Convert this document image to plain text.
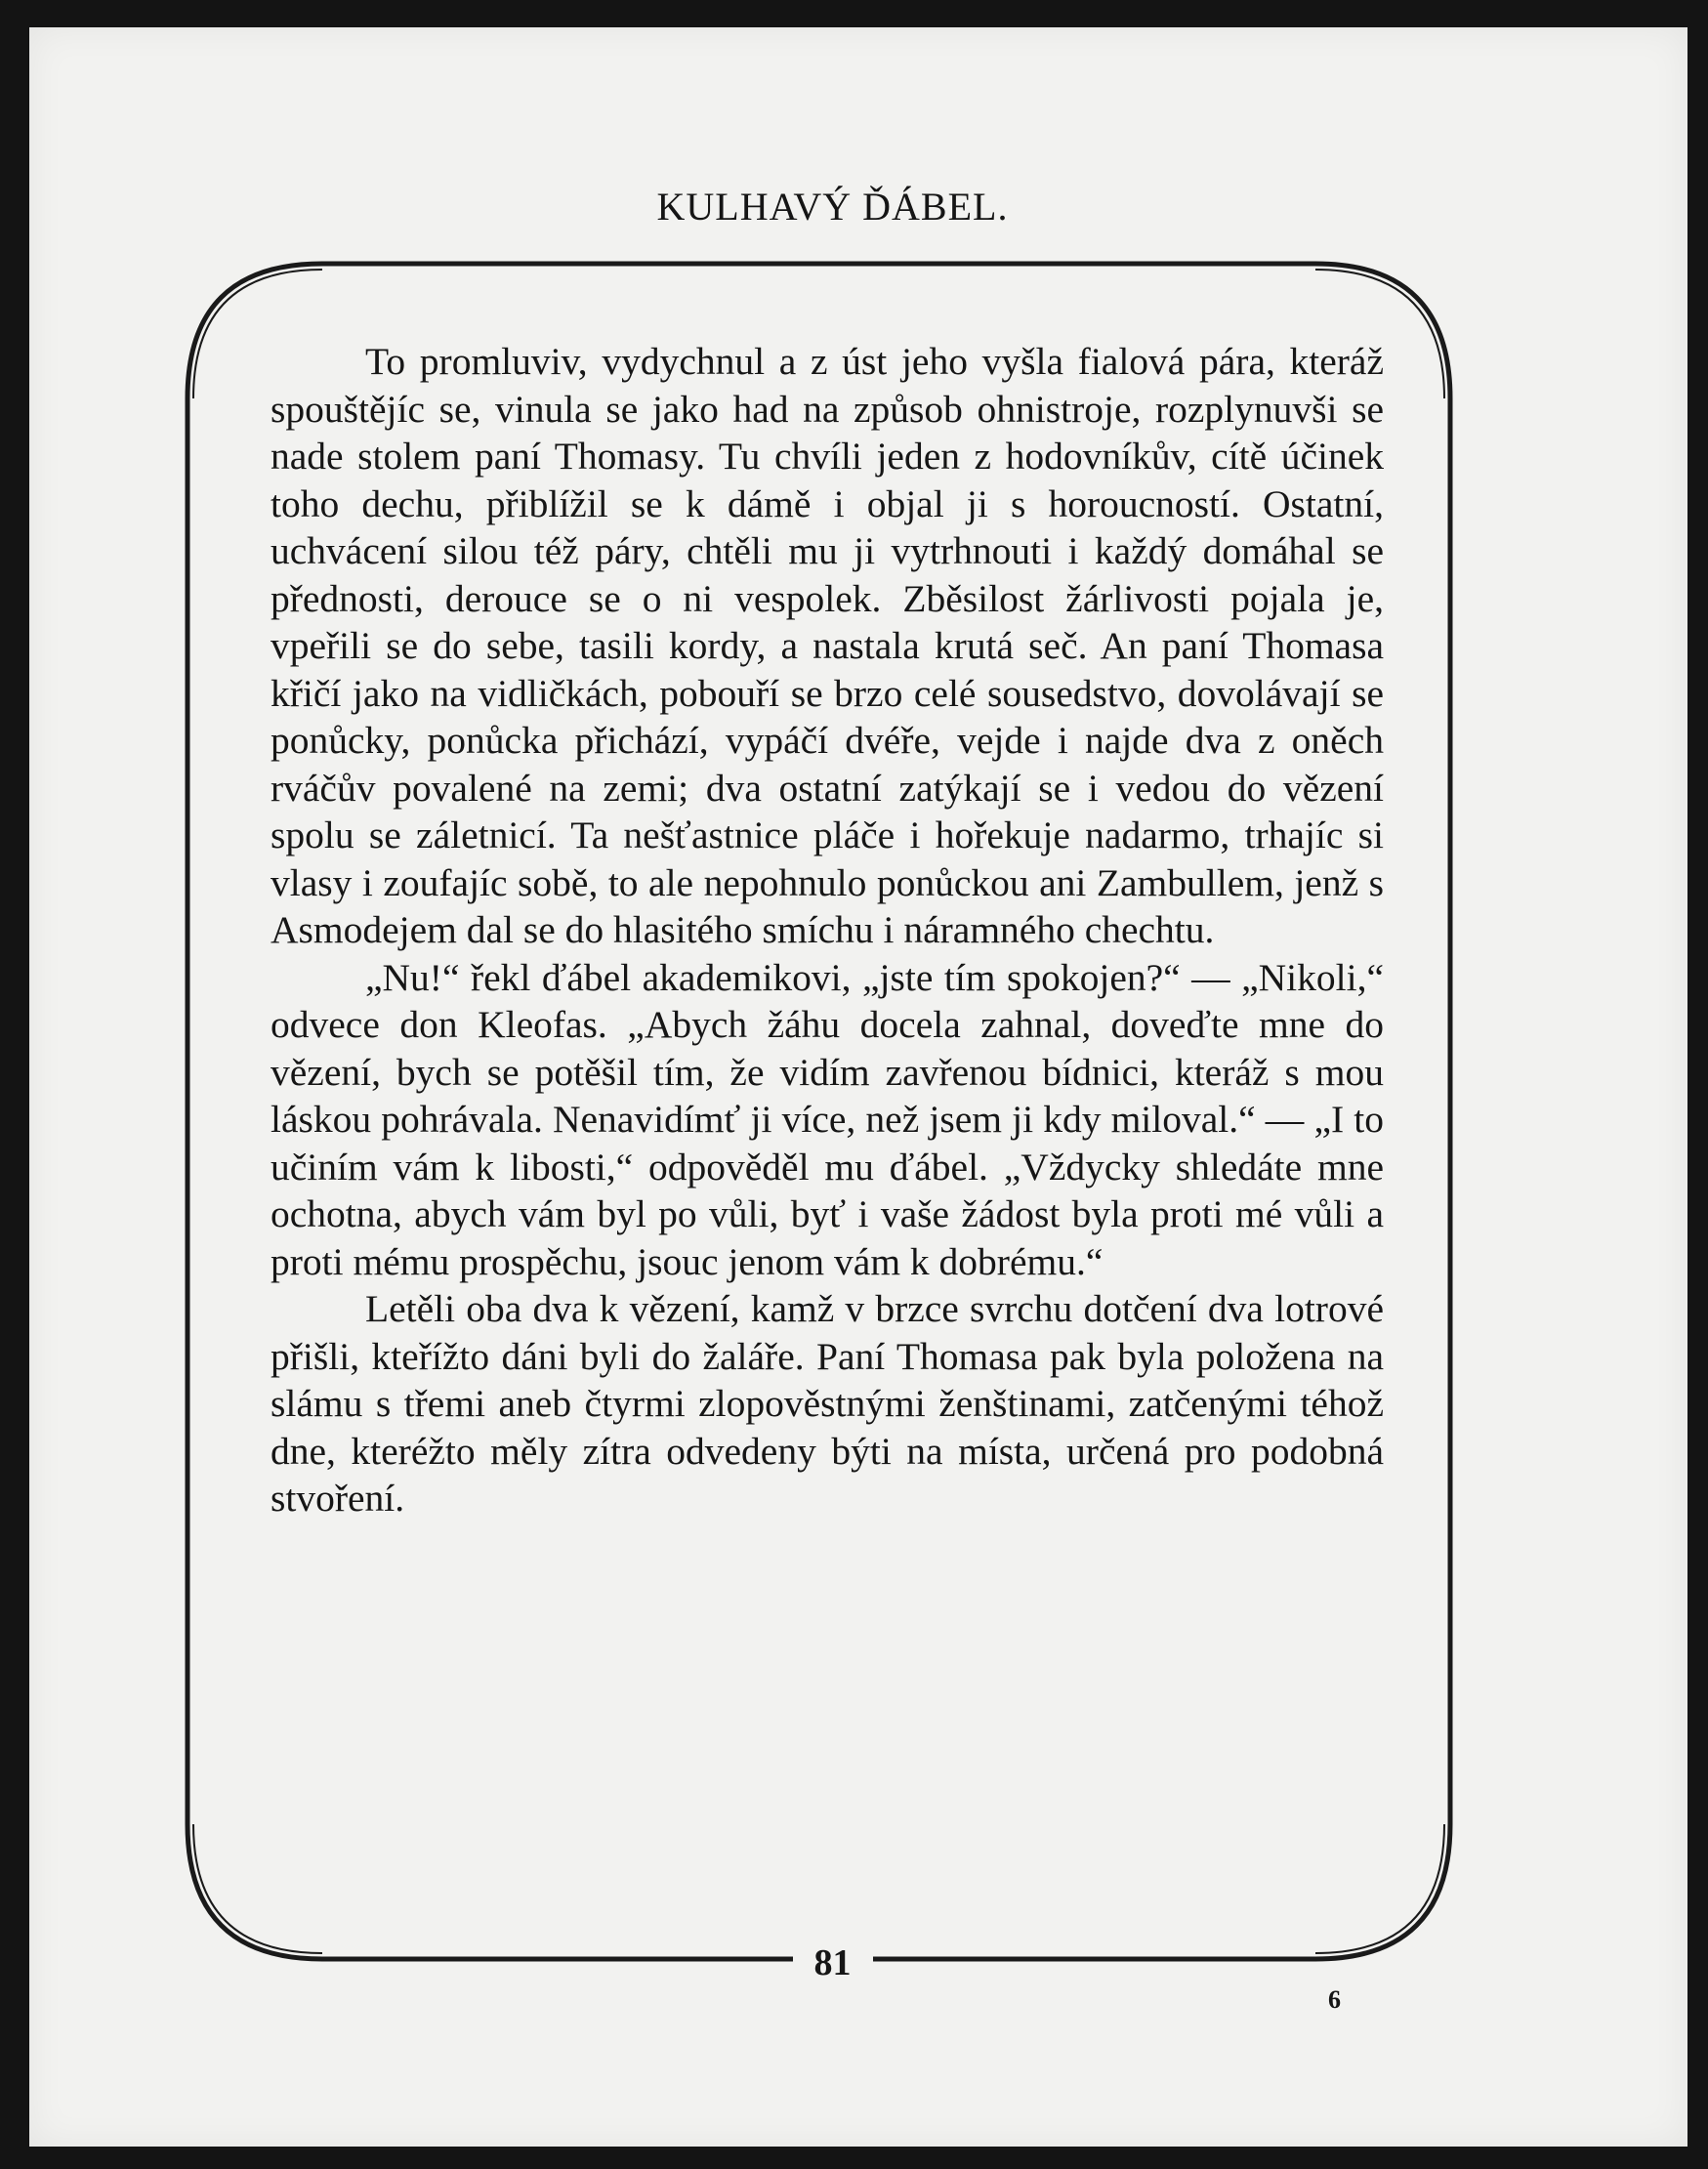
KULHAVÝ ĎÁBEL.

To promluviv, vydychnul a z úst jeho vyšla fialová pára, kteráž spouštějíc se, vinula se jako had na způsob ohnistroje, rozplynuvši se nade stolem paní Thomasy. Tu chvíli jeden z hodovníkův, cítě účinek toho dechu, přiblížil se k dámě i objal ji s horoucností. Ostatní, uchvácení silou též páry, chtěli mu ji vytrhnouti i každý domáhal se přednosti, derouce se o ni vespolek. Zběsilost žárlivosti pojala je, vpeřili se do sebe, tasili kordy, a nastala krutá seč. An paní Thomasa křičí jako na vidličkách, pobouří se brzo celé sousedstvo, dovolávají se ponůcky, ponůcka přichází, vypáčí dvéře, vejde i najde dva z oněch rváčův povalené na zemi; dva ostatní zatýkají se i vedou do vězení spolu se záletnicí. Ta nešťastnice pláče i hořekuje nadarmo, trhajíc si vlasy i zoufajíc sobě, to ale nepohnulo ponůckou ani Zambullem, jenž s Asmodejem dal se do hlasitého smíchu i náramného chechtu.

„Nu!“ řekl ďábel akademikovi, „jste tím spokojen?“ — „Nikoli,“ odvece don Kleofas. „Abych žáhu docela zahnal, doveďte mne do vězení, bych se potěšil tím, že vidím zavřenou bídnici, kteráž s mou láskou pohrávala. Nenavidímť ji více, než jsem ji kdy miloval.“ — „I to učiním vám k libosti,“ odpověděl mu ďábel. „Vždycky shledáte mne ochotna, abych vám byl po vůli, byť i vaše žádost byla proti mé vůli a proti mému prospěchu, jsouc jenom vám k dobrému.“

Letěli oba dva k vězení, kamž v brzce svrchu dotčení dva lotrové přišli, kteřížto dáni byli do žaláře. Paní Thomasa pak byla položena na slámu s třemi aneb čtyrmi zlopověstnými ženštinami, zatčenými téhož dne, kteréžto měly zítra odvedeny býti na místa, určená pro podobná stvoření.

81
6
